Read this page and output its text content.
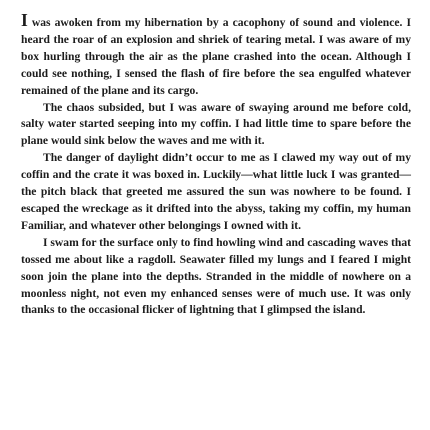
I was awoken from my hibernation by a cacophony of sound and violence. I heard the roar of an explosion and shriek of tearing metal. I was aware of my box hurling through the air as the plane crashed into the ocean. Although I could see nothing, I sensed the flash of fire before the sea engulfed whatever remained of the plane and its cargo.

The chaos subsided, but I was aware of swaying around me before cold, salty water started seeping into my coffin. I had little time to spare before the plane would sink below the waves and me with it.

The danger of daylight didn’t occur to me as I clawed my way out of my coffin and the crate it was boxed in. Luckily—what little luck I was granted—the pitch black that greeted me assured the sun was nowhere to be found. I escaped the wreckage as it drifted into the abyss, taking my coffin, my human Familiar, and whatever other belongings I owned with it.

I swam for the surface only to find howling wind and cascading waves that tossed me about like a ragdoll. Seawater filled my lungs and I feared I might soon join the plane into the depths. Stranded in the middle of nowhere on a moonless night, not even my enhanced senses were of much use. It was only thanks to the occasional flicker of lightning that I glimpsed the island.
